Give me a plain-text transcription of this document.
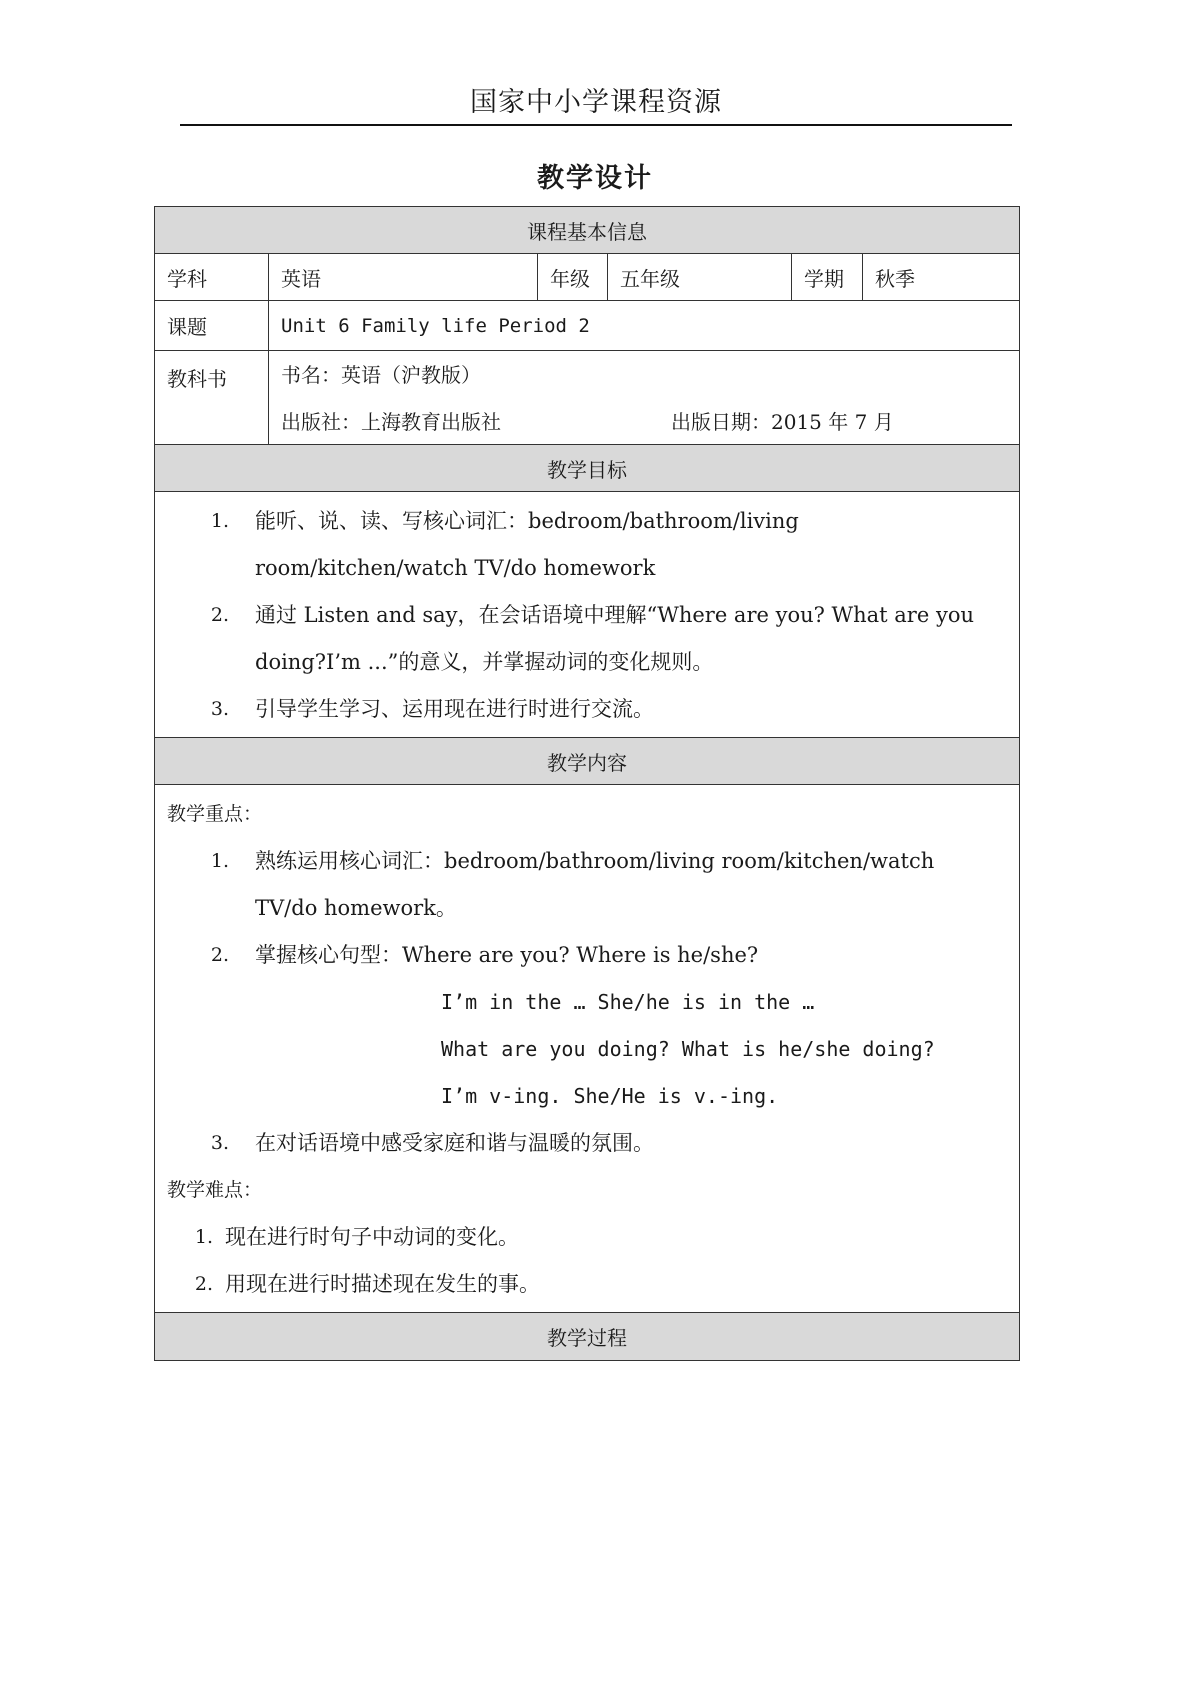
国家中小学课程资源
教学设计
课程基本信息
学科	英语	年级	五年级	学期	秋季
课题	Unit 6 Family life Period 2
教科书	书名：英语（沪教版）
出版社：上海教育出版社	出版日期：2015 年 7 月
教学目标
1.	能听、说、读、写核心词汇：bedroom/bathroom/living
room/kitchen/watch TV/do homework
2.	通过 Listen and say，在会话语境中理解“Where are you? What are you
doing?I’m ...”的意义，并掌握动词的变化规则。
3.	引导学生学习、运用现在进行时进行交流。
教学内容
教学重点：
1.	熟练运用核心词汇：bedroom/bathroom/living room/kitchen/watch
TV/do homework。
2.	掌握核心句型：Where are you? Where is he/she?
I’m in the … She/he is in the …
What are you doing? What is he/she doing?
I’m v-ing. She/He is v.-ing.
3.	在对话语境中感受家庭和谐与温暖的氛围。
教学难点：
1. 现在进行时句子中动词的变化。
2. 用现在进行时描述现在发生的事。
教学过程
